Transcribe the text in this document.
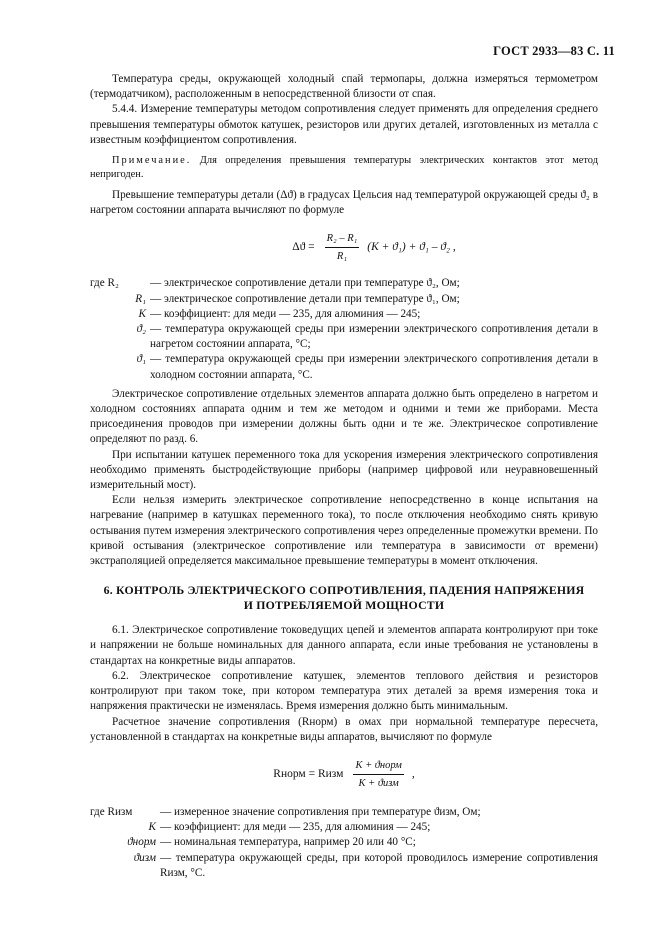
ГОСТ 2933—83 С. 11

Температура среды, окружающей холодный спай термопары, должна измеряться термометром (термодатчиком), расположенным в непосредственной близости от спая.

5.4.4. Измерение температуры методом сопротивления следует применять для определения среднего превышения температуры обмоток катушек, резисторов или других деталей, изготовленных из металла с известным коэффициентом сопротивления.

Примечание. Для определения превышения температуры электрических контактов этот метод непригоден.

Превышение температуры детали (Δϑ) в градусах Цельсия над температурой окружающей среды ϑ₂ в нагретом состоянии аппарата вычисляют по формуле

$\Delta ϑ = \frac{\text{R₂ – R₁}}{\text{R₁}} (K + ϑ_1) + ϑ_1 - ϑ_2$ ,
где R₂	— электрическое сопротивление детали при температуре ϑ₂, Ом;
R₁ — электрическое сопротивление детали при температуре ϑ₁, Ом;
K — коэффициент: для меди — 235, для алюминия — 245;
ϑ₂ — температура окружающей среды при измерении электрического сопротивления детали в нагретом состоянии аппарата, °С;
ϑ₁ — температура окружающей среды при измерении электрического сопротивления детали в холодном состоянии аппарата, °С.

Электрическое сопротивление отдельных элементов аппарата должно быть определено в нагретом и холодном состояниях аппарата одним и тем же методом и одними и теми же приборами. Места присоединения проводов при измерении должны быть одни и те же. Электрическое сопротивление определяют по разд. 6.

При испытании катушек переменного тока для ускорения измерения электрического сопротивления необходимо применять быстродействующие приборы (например цифровой или неуравновешенный измерительный мост).

Если нельзя измерить электрическое сопротивление непосредственно в конце испытания на нагревание (например в катушках переменного тока), то после отключения необходимо снять кривую остывания путем измерения электрического сопротивления через определенные промежутки времени. По кривой остывания (электрическое сопротивление или температура в зависимости от времени) экстраполяцией определяется максимальное превышение температуры в момент отключения.

6. КОНТРОЛЬ ЭЛЕКТРИЧЕСКОГО СОПРОТИВЛЕНИЯ, ПАДЕНИЯ НАПРЯЖЕНИЯ
И ПОТРЕБЛЯЕМОЙ МОЩНОСТИ

6.1. Электрическое сопротивление токоведущих цепей и элементов аппарата контролируют при токе и напряжении не больше номинальных для данного аппарата, если иные требования не установлены в стандартах на конкретные виды аппаратов.

6.2. Электрическое сопротивление катушек, элементов теплового действия и резисторов контролируют при таком токе, при котором температура этих деталей за время измерения тока и напряжения практически не изменялась. Время измерения должно быть минимальным.

Расчетное значение сопротивления (Rнорм) в омах при нормальной температуре пересчета, установленной в стандартах на конкретные виды аппаратов, вычисляют по формуле

Rнорм = Rизм $\frac{\text{K + ϑнорм}}{\text{K + ϑизм}}$ ,
где Rизм	— измеренное значение сопротивления при температуре ϑизм, Ом;
K — коэффициент: для меди — 235, для алюминия — 245;
ϑнорм — номинальная температура, например 20 или 40 °С;
ϑизм — температура окружающей среды, при которой проводилось измерение сопротивления Rизм, °С.
